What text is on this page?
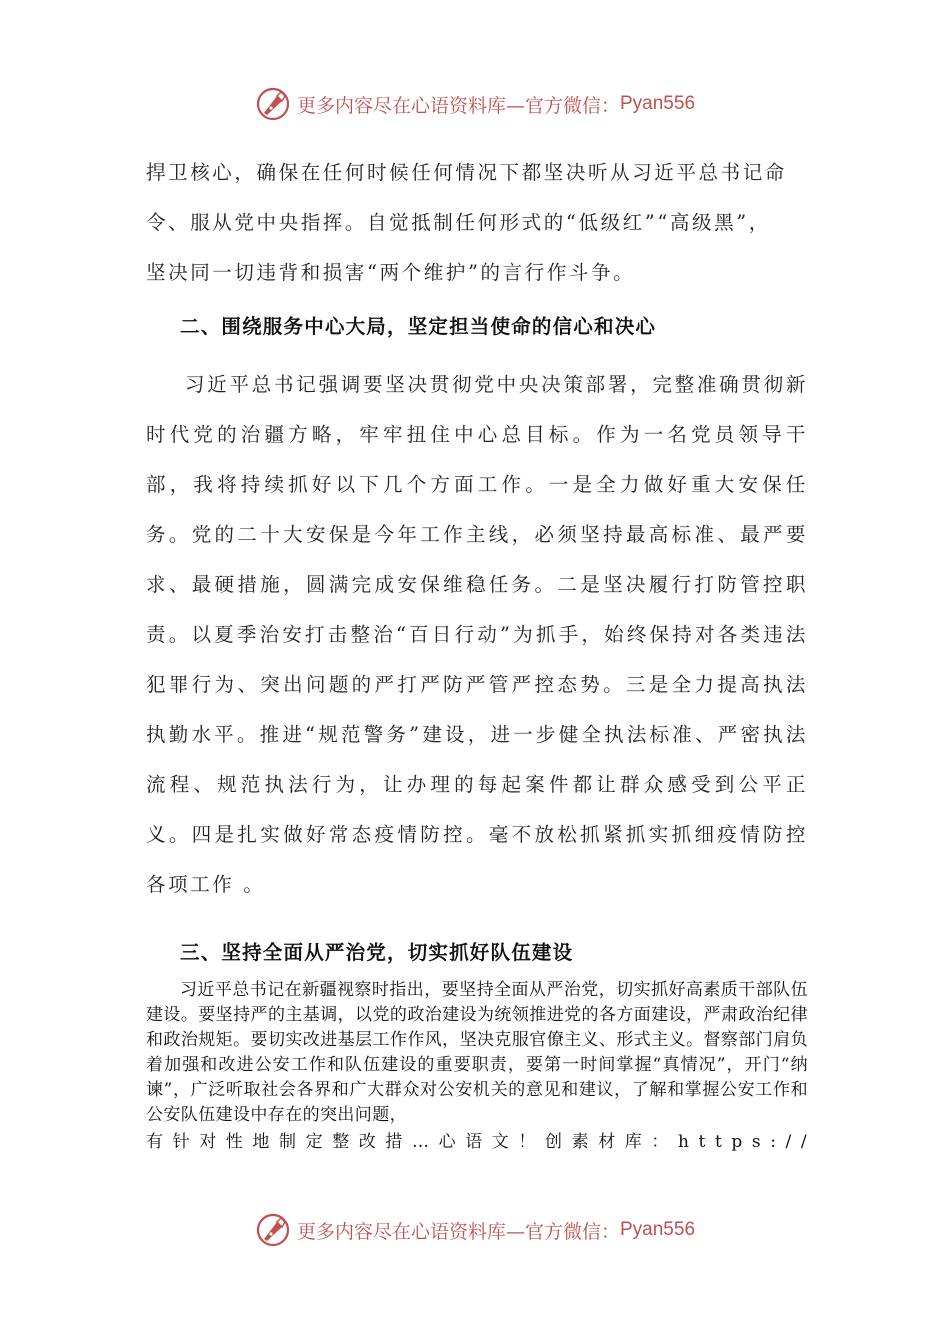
更多内容尽在心语资料库—官方微信： Pyan556

捍卫核心，确保在任何时候任何情况下都坚决听从习近平总书记命

令、服从党中央指挥。自觉抵制任何形式的“低级红”“高级黑”，

坚决同一切违背和损害“两个维护”的言行作斗争。

二、围绕服务中心大局，坚定担当使命的信心和决心

习近平总书记强调要坚决贯彻党中央决策部署，完整准确贯彻新时代党的治疆方略，牢牢扭住中心总目标。作为一名党员领导干部，我将持续抓好以下几个方面工作。一是全力做好重大安保任务。党的二十大安保是今年工作主线，必须坚持最高标准、最严要求、最硬措施，圆满完成安保维稳任务。二是坚决履行打防管控职责。以夏季治安打击整治“百日行动”为抓手，始终保持对各类违法犯罪行为、突出问题的严打严防严管严控态势。三是全力提高执法执勤水平。推进“规范警务”建设，进一步健全执法标准、严密执法流程、规范执法行为，让办理的每起案件都让群众感受到公平正义。四是扎实做好常态疫情防控。毫不放松抓紧抓实抓细疫情防控各项工作 。

三、坚持全面从严治党，切实抓好队伍建设

习近平总书记在新疆视察时指出，要坚持全面从严治党，切实抓好高素质干部队伍建设。要坚持严的主基调，以党的政治建设为统领推进党的各方面建设，严肃政治纪律和政治规矩。要切实改进基层工作作风，坚决克服官僚主义、形式主义。督察部门肩负着加强和改进公安工作和队伍建设的重要职责，要第一时间掌握“真情况”，开门“纳谏”，广泛听取社会各界和广大群众对公安机关的意见和建议，了解和掌握公安工作和公安队伍建设中存在的突出问题，

有针对性地制定整改措…心语文！创素材库：https://

更多内容尽在心语资料库—官方微信： Pyan556
